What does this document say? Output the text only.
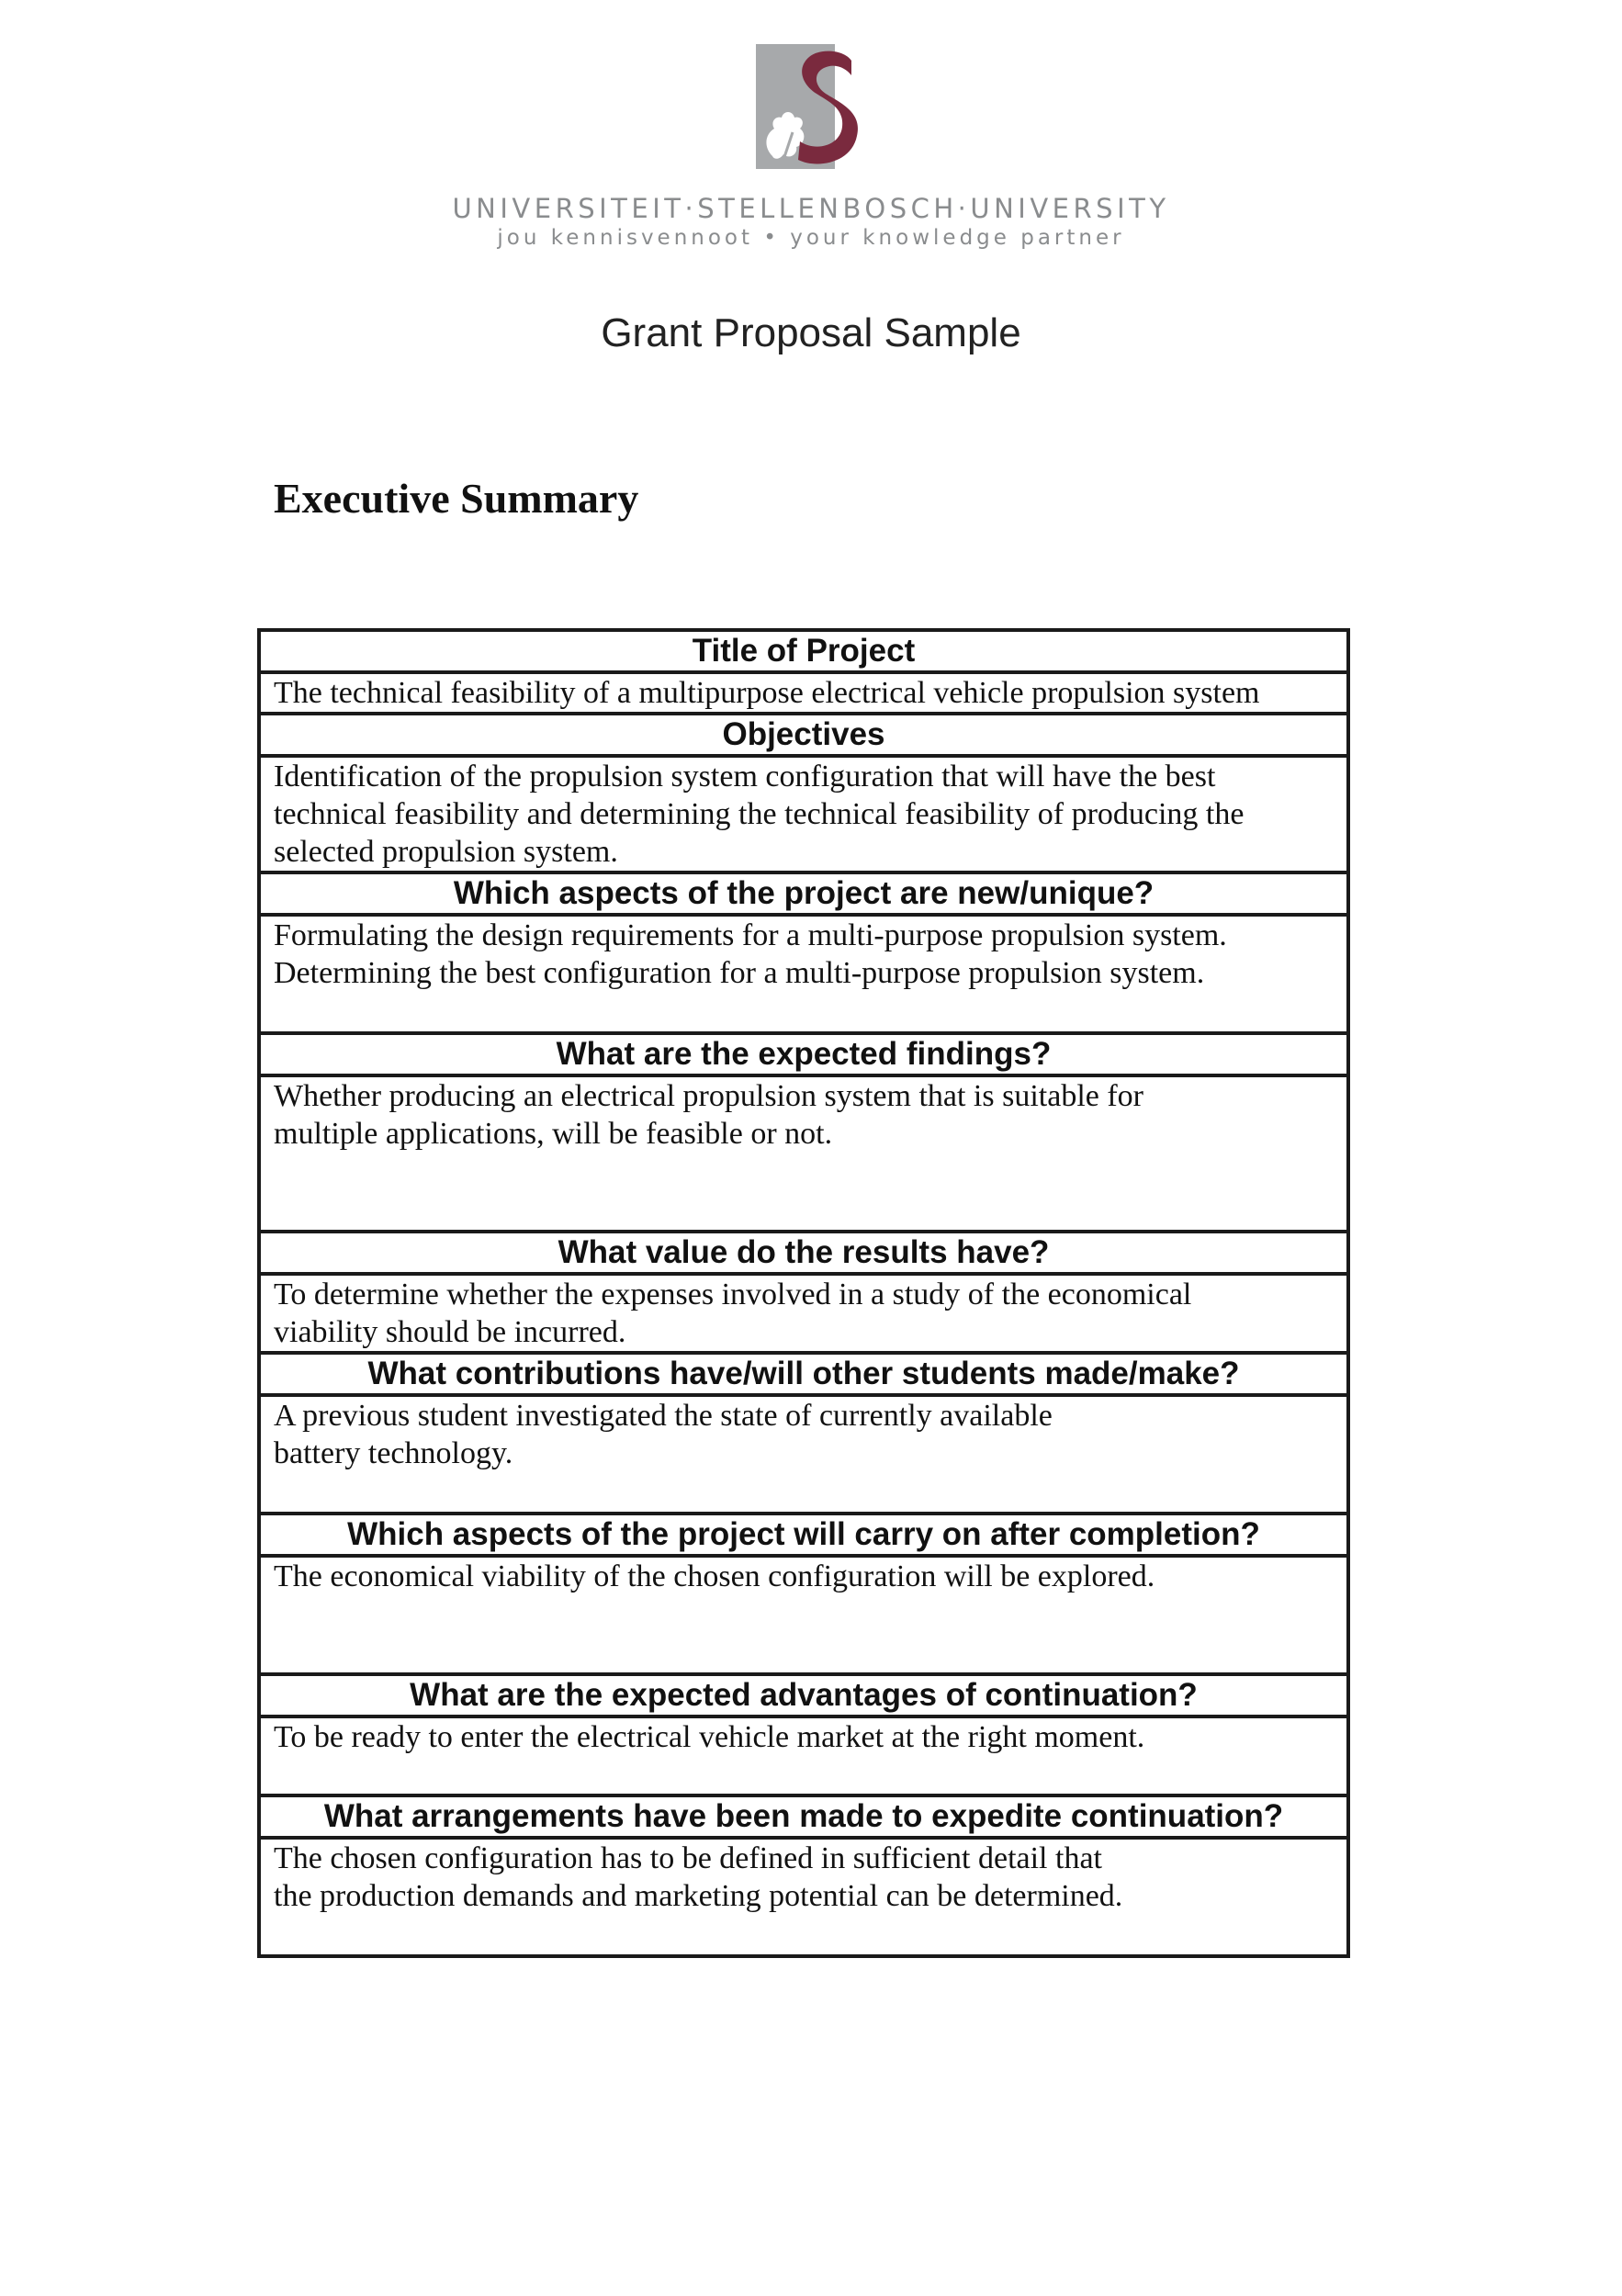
UNIVERSITEIT·STELLENBOSCH·UNIVERSITY
jou kennisvennoot • your knowledge partner
Grant Proposal Sample
Executive Summary
Title of Project

The technical feasibility of a multipurpose electrical vehicle propulsion system

Objectives

Identification of the propulsion system configuration that will have the best
technical feasibility and determining the technical feasibility of producing the
selected propulsion system.

Which aspects of the project are new/unique?

Formulating the design requirements for a multi-purpose propulsion system.
Determining the best configuration for a multi-purpose propulsion system.

What are the expected findings?

Whether producing an electrical propulsion system that is suitable for
multiple applications, will be feasible or not.

What value do the results have?

To determine whether the expenses involved in a study of the economical
viability should be incurred.

What contributions have/will other students made/make?

A previous student investigated the state of currently available
battery technology.

Which aspects of the project will carry on after completion?

The economical viability of the chosen configuration will be explored.

What are the expected advantages of continuation?

To be ready to enter the electrical vehicle market at the right moment.

What arrangements have been made to expedite continuation?

The chosen configuration has to be defined in sufficient detail that
the production demands and marketing potential can be determined.
